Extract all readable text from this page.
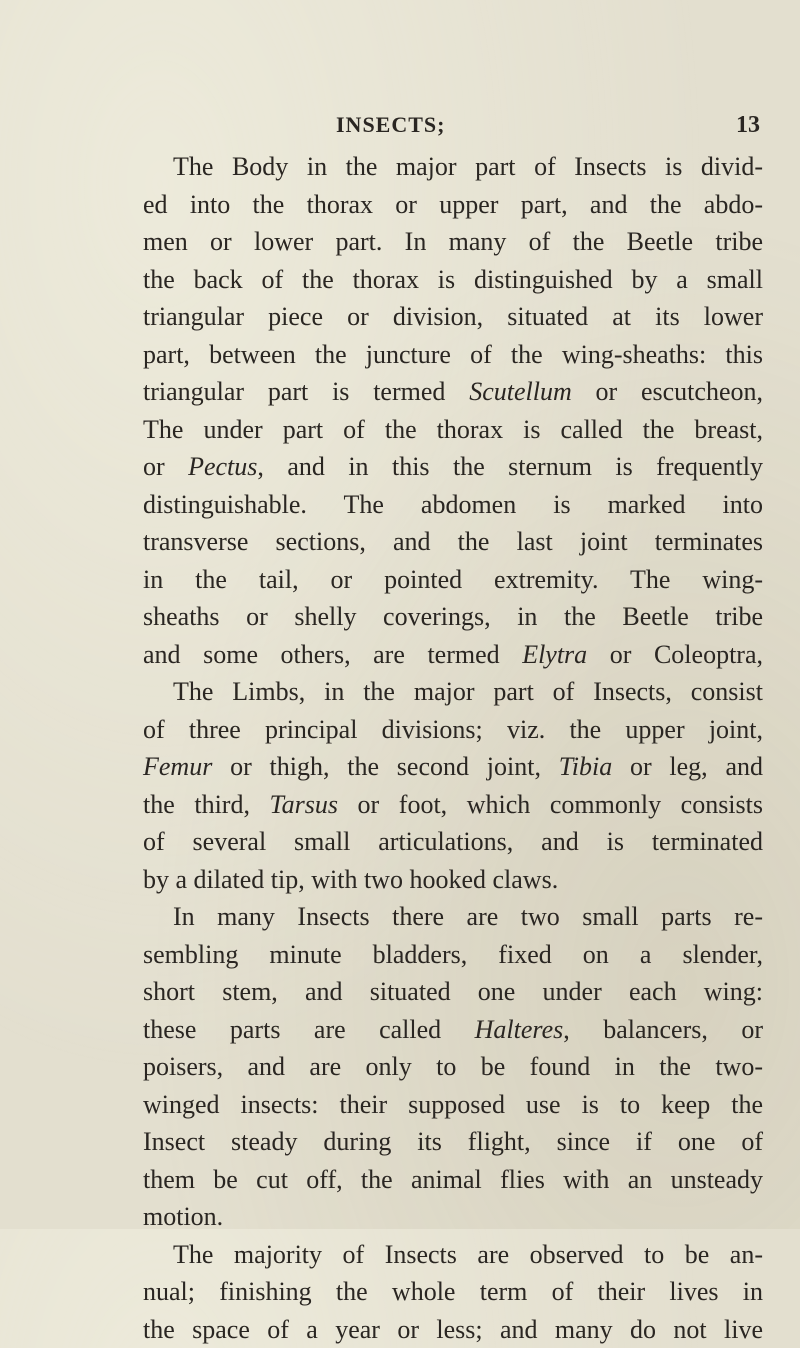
INSECTS;	13
The Body in the major part of Insects is divid-
ed into the thorax or upper part, and the abdo-
men or lower part. In many of the Beetle tribe
the back of the thorax is distinguished by a small
triangular piece or division, situated at its lower
part, between the juncture of the wing-sheaths: this
triangular part is termed Scutellum or escutcheon,
The under part of the thorax is called the breast,
or Pectus, and in this the sternum is frequently
distinguishable. The abdomen is marked into
transverse sections, and the last joint terminates
in the tail, or pointed extremity. The wing-
sheaths or shelly coverings, in the Beetle tribe
and some others, are termed Elytra or Coleoptra,
The Limbs, in the major part of Insects, consist
of three principal divisions; viz. the upper joint,
Femur or thigh, the second joint, Tibia or leg, and
the third, Tarsus or foot, which commonly consists
of several small articulations, and is terminated
by a dilated tip, with two hooked claws.
In many Insects there are two small parts re-
sembling minute bladders, fixed on a slender,
short stem, and situated one under each wing:
these parts are called Halteres, balancers, or
poisers, and are only to be found in the two-
winged insects: their supposed use is to keep the
Insect steady during its flight, since if one of
them be cut off, the animal flies with an unsteady
motion.
The majority of Insects are observed to be an-
nual; finishing the whole term of their lives in
the space of a year or less; and many do not live
